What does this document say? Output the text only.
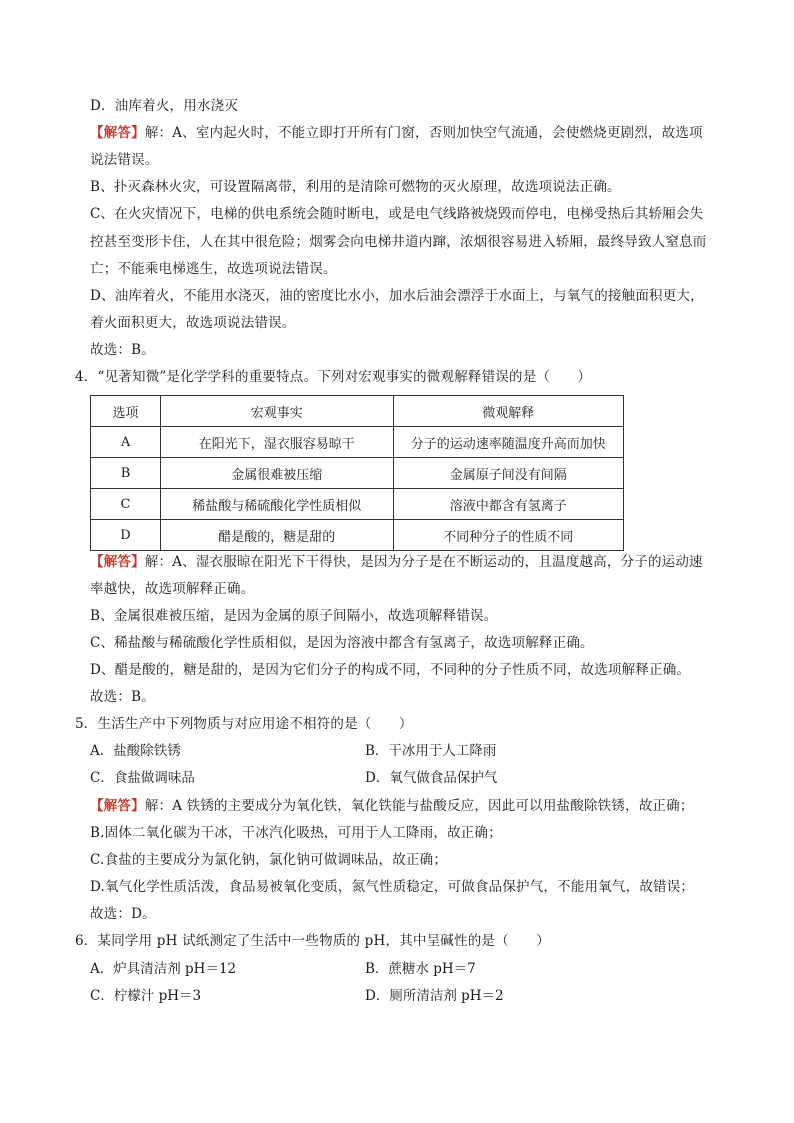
D．油库着火，用水浇灭
【解答】解：A、室内起火时，不能立即打开所有门窗，否则加快空气流通，会使燃烧更剧烈，故选项
说法错误。
B、扑灭森林火灾，可设置隔离带，利用的是清除可燃物的灭火原理，故选项说法正确。
C、在火灾情况下，电梯的供电系统会随时断电，或是电气线路被烧毁而停电，电梯受热后其轿厢会失
控甚至变形卡住，人在其中很危险；烟雾会向电梯井道内蹿，浓烟很容易进入轿厢，最终导致人窒息而
亡；不能乘电梯逃生，故选项说法错误。
D、油库着火，不能用水浇灭，油的密度比水小，加水后油会漂浮于水面上，与氧气的接触面积更大，
着火面积更大，故选项说法错误。
故选：B。
4．“见著知微”是化学学科的重要特点。下列对宏观事实的微观解释错误的是（　　）
选项	宏观事实	微观解释
A	在阳光下，湿衣服容易晾干	分子的运动速率随温度升高而加快
B	金属很难被压缩	金属原子间没有间隔
C	稀盐酸与稀硫酸化学性质相似	溶液中都含有氢离子
D	醋是酸的，糖是甜的	不同种分子的性质不同
【解答】解：A、湿衣服晾在阳光下干得快，是因为分子是在不断运动的，且温度越高，分子的运动速
率越快，故选项解释正确。
B、金属很难被压缩，是因为金属的原子间隔小，故选项解释错误。
C、稀盐酸与稀硫酸化学性质相似，是因为溶液中都含有氢离子，故选项解释正确。
D、醋是酸的，糖是甜的，是因为它们分子的构成不同，不同种的分子性质不同，故选项解释正确。
故选：B。
5．生活生产中下列物质与对应用途不相符的是（　　）
A．盐酸除铁锈	B．干冰用于人工降雨
C．食盐做调味品	D．氧气做食品保护气
【解答】解：A 铁锈的主要成分为氧化铁，氧化铁能与盐酸反应，因此可以用盐酸除铁锈，故正确；
B.固体二氧化碳为干冰，干冰汽化吸热，可用于人工降雨，故正确；
C.食盐的主要成分为氯化钠，氯化钠可做调味品，故正确；
D.氧气化学性质活泼，食品易被氧化变质，氮气性质稳定，可做食品保护气，不能用氧气，故错误；
故选：D。
6．某同学用 pH 试纸测定了生活中一些物质的 pH，其中呈碱性的是（　　）
A．炉具清洁剂 pH＝12	B．蔗糖水 pH＝7
C．柠檬汁 pH＝3	D．厕所清洁剂 pH＝2
